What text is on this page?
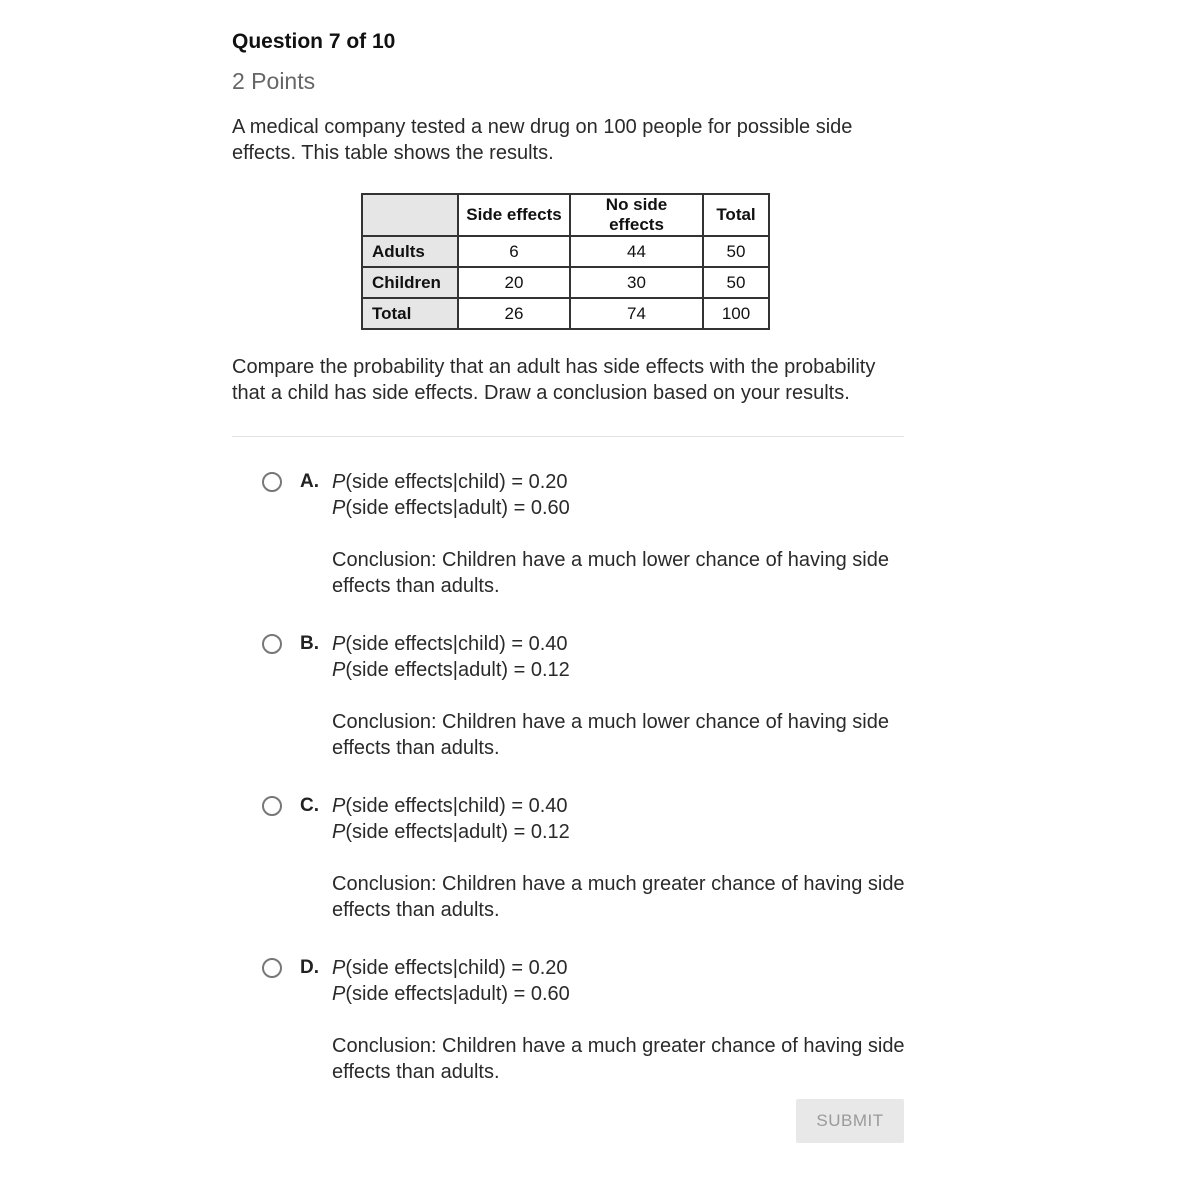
Question 7 of 10
2 Points
A medical company tested a new drug on 100 people for possible side effects. This table shows the results.
	Side effects	No side effects	Total
Adults	6	44	50
Children	20	30	50
Total	26	74	100
Compare the probability that an adult has side effects with the probability that a child has side effects. Draw a conclusion based on your results.
A. P(side effects|child) = 0.20
P(side effects|adult) = 0.60
Conclusion: Children have a much lower chance of having side effects than adults.
B. P(side effects|child) = 0.40
P(side effects|adult) = 0.12
Conclusion: Children have a much lower chance of having side effects than adults.
C. P(side effects|child) = 0.40
P(side effects|adult) = 0.12
Conclusion: Children have a much greater chance of having side effects than adults.
D. P(side effects|child) = 0.20
P(side effects|adult) = 0.60
Conclusion: Children have a much greater chance of having side effects than adults.
SUBMIT
